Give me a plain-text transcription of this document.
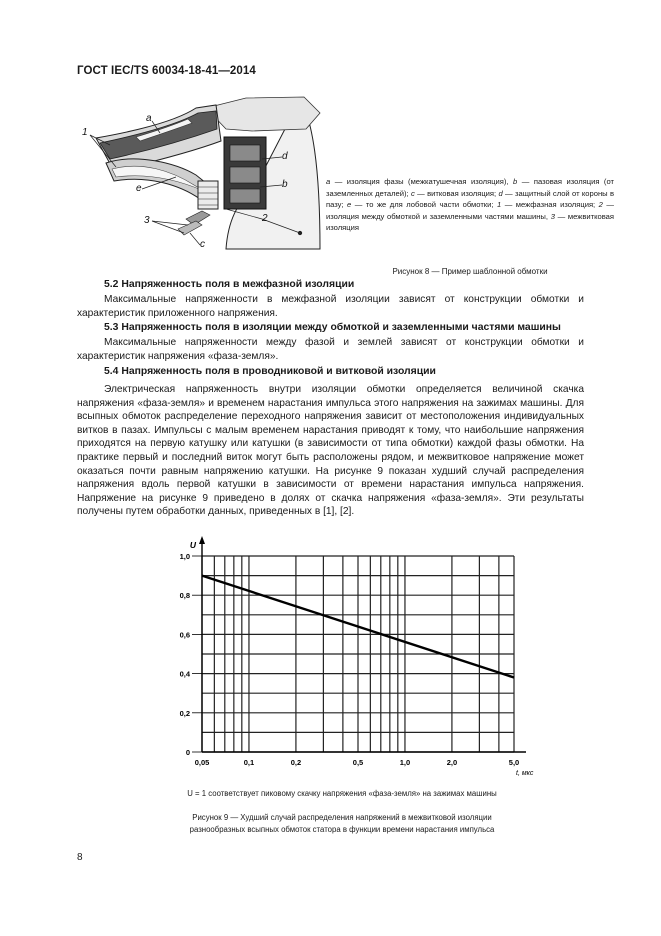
ГОСТ IEC/TS 60034-18-41—2014
1
a
d
b
e
3	2
c
a — изоляция фазы (межкатушечная изоляция), b — пазовая изоляция (от заземленных деталей); c — витковая изоляция; d — защитный слой от короны в пазу; e — то же для лобовой части обмотки; 1 — межфазная изоляция; 2 — изоляция между обмоткой и заземленными частями машины, 3 — межвитковая изоляция
Рисунок 8 — Пример шаблонной обмотки
5.2 Напряженность поля в межфазной изоляции
Максимальные напряженности в межфазной изоляции зависят от конструкции обмотки и характеристик приложенного напряжения.
5.3 Напряженность поля в изоляции между обмоткой и заземленными частями машины
Максимальные напряженности между фазой и землей зависят от конструкции обмотки и характеристик напряжения «фаза-земля».
5.4 Напряженность поля в проводниковой и витковой изоляции
Электрическая напряженность внутри изоляции обмотки определяется величиной скачка напряжения «фаза-земля» и временем нарастания импульса этого напряжения на зажимах машины. Для всыпных обмоток распределение переходного напряжения зависит от местоположения индивидуальных витков в пазах. Импульсы с малым временем нарастания приводят к тому, что наибольшие напряжения приходятся на первую катушку или катушки (в зависимости от типа обмотки) каждой фазы обмотки. На практике первый и последний виток могут быть расположены рядом, и межвитковое напряжение может оказаться почти равным напряжению катушки. На рисунке 9 показан худший случай распределения напряжения вдоль первой катушки в зависимости от времени нарастания импульса напряжения. Напряжение на рисунке 9 приведено в долях от скачка напряжения «фаза-земля». Эти результаты получены путем обработки данных, приведенных в [1], [2].
U
t, мкс
0
0,2
0,4
0,6
0,8
1,0
0,05	0,1	0,2	0,5	1,0	2,0	5,0
U = 1 соответствует пиковому скачку напряжения «фаза-земля» на зажимах машины
Рисунок 9 — Худший случай распределения напряжений в межвитковой изоляции
разнообразных всыпных обмоток статора в функции времени нарастания импульса
8
